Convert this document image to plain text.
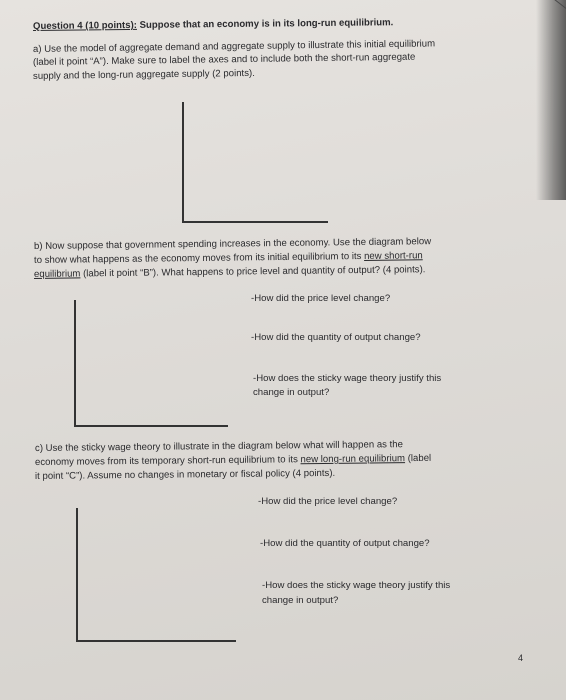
Question 4 (10 points): Suppose that an economy is in its long-run equilibrium.
a) Use the model of aggregate demand and aggregate supply to illustrate this initial equilibrium
(label it point “A”). Make sure to label the axes and to include both the short-run aggregate
supply and the long-run aggregate supply (2 points).
b) Now suppose that government spending increases in the economy. Use the diagram below
to show what happens as the economy moves from its initial equilibrium to its new short-run
equilibrium (label it point “B”). What happens to price level and quantity of output? (4 points).
-How did the price level change?
-How did the quantity of output change?
-How does the sticky wage theory justify this
change in output?
c) Use the sticky wage theory to illustrate in the diagram below what will happen as the
economy moves from its temporary short-run equilibrium to its new long-run equilibrium (label
it point “C”). Assume no changes in monetary or fiscal policy (4 points).
-How did the price level change?
-How did the quantity of output change?
-How does the sticky wage theory justify this
change in output?
4
